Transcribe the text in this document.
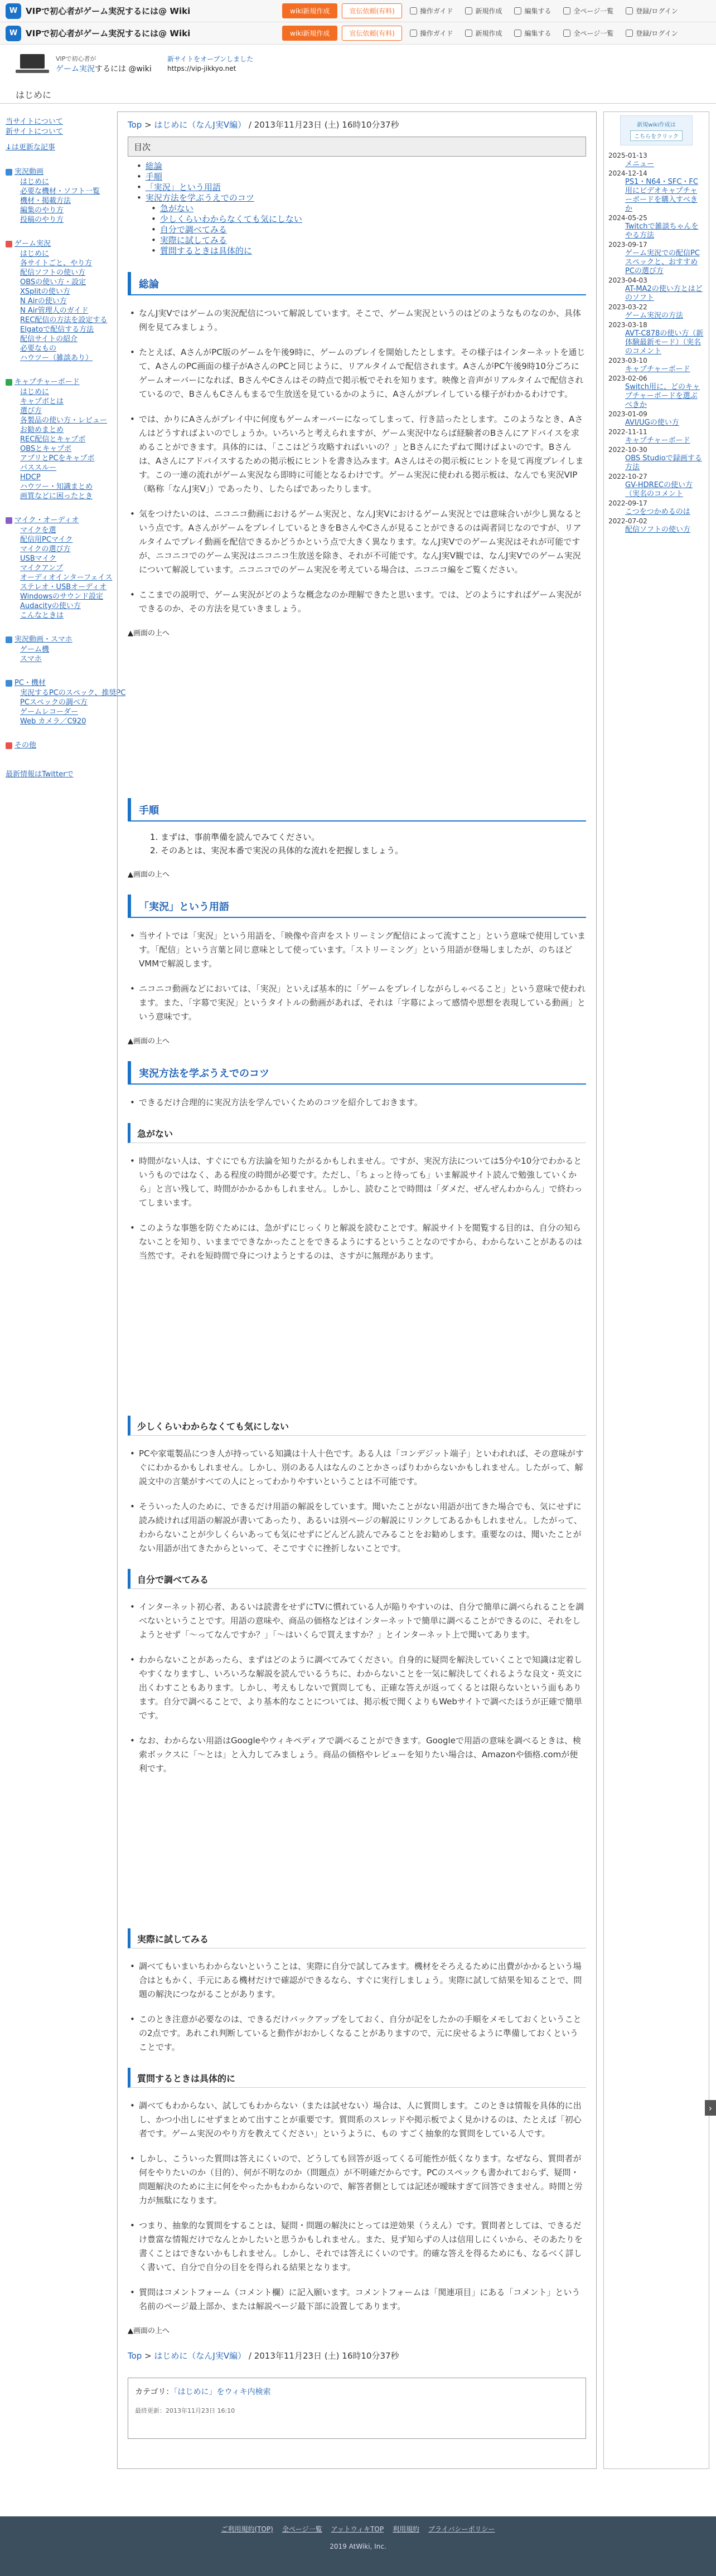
W VIPで初心者がゲーム実況するには@ Wiki	wiki新規作成	宣伝依頼(有料)	操作ガイド	新規作成	編集する	全ページ一覧	登録/ログイン
W VIPで初心者がゲーム実況するには@ Wiki	wiki新規作成	宣伝依頼(有料)	操作ガイド	新規作成	編集する	全ページ一覧	登録/ログイン
VIPで初心者が
ゲーム実況するには @wiki
新サイトをオープンしました
https://vip-jikkyo.net
はじめに
当サイトについて
新サイトについて
↓は更新な記事
実況動画
はじめに
必要な機材・ソフト一覧
機材・掲載方法
編集のやり方
投稿のやり方
ゲーム実況
はじめに
各サイトごと、やり方
配信ソフトの使い方
OBSの使い方・設定
XSplitの使い方
N Airの使い方
N Air管理人のガイド
REC配信の方法を設定する
Elgatoで配信する方法
配信サイトの紹介
必要なもの
ハウツー（雑談あり）
キャプチャーボード
はじめに
キャプボとは
選び方
各製品の使い方・レビュー
お勧めまとめ
REC配信とキャプボ
OBSとキャプボ
アプリとPCをキャプボ
パススルー
HDCP
ハウツー・知識まとめ
画質などに困ったとき
マイク・オーディオ
マイクを選
配信用PCマイク
マイクの選び方
USBマイク
マイクアンプ
オーディオインターフェイス
ステレオ・USBオーディオ
Windowsのサウンド設定
Audacityの使い方
こんなときは
実況動画・スマホ
ゲーム機
スマホ
PC・機材
実況するPCのスペック、推奨PC
PCスペックの調べ方
ゲームレコーダー
Web カメラ／C920
その他
最新情報はTwitterで
Top > はじめに（なんJ実V編） / 2013年11月23日 (土) 16時10分37秒
目次
• 総論
• 手順
• 「実況」という用語
• 実況方法を学ぶうえでのコツ
• 急がない
• 少しくらいわからなくても気にしない
• 自分で調べてみる
• 実際に試してみる
• 質問するときは具体的に
総論
• なんJ実Vではゲームの実況配信について解説しています。そこで、ゲーム実況というのはどのようなものなのか、具体例を見てみましょう。
• たとえば、AさんがPC版のゲームを午後9時に、ゲームのプレイを開始したとします。その様子はインターネットを通じて、AさんのPC画面の様子がAさんのPCと同じように、リアルタイムで配信されます。AさんがPC午後9時10分ごろにゲームオーバーになれば、BさんやCさんはその時点で掲示板でそれを知ります。映像と音声がリアルタイムで配信されているので、BさんもCさんもまるで生放送を見ているかのように、Aさんがプレイしている様子がわかるわけです。
• では、かりにAさんがプレイ中に何度もゲームオーバーになってしまって、行き詰ったとします。このようなとき、Aさんはどうすればよいのでしょうか。いろいろと考えられますが、ゲーム実況中ならば経験者のBさんにアドバイスを求めることができます。具体的には、「ここはどう攻略すればいいの？」とBさんにたずねて聞けばよいのです。Bさんは、Aさんにアドバイスするための掲示板にヒントを書き込みます。Aさんはその掲示板にヒントを見て再度プレイします。この一連の流れがゲーム実況なら即時に可能となるわけです。ゲーム実況に使われる掲示板は、なんでも実況VIP（略称「なんJ実V」）であったり、したらばであったりします。
• 気をつけたいのは、ニコニコ動画におけるゲーム実況と、なんJ実Vにおけるゲーム実況とでは意味合いが少し異なるという点です。AさんがゲームをプレイしているときをBさんやCさんが見ることができるのは両者同じなのですが、リアルタイムでプレイ動画を配信できるかどうかという点で大きく異なります。なんJ実Vでのゲーム実況はそれが可能ですが、ニコニコでのゲーム実況はニコニコ生放送を除き、それが不可能です。なんJ実V観では、なんJ実Vでのゲーム実況について解説しています。ニコニコでのゲーム実況を考えている場合は、ニコニコ編をご覧ください。
• ここまでの説明で、ゲーム実況がどのような概念なのか理解できたと思います。では、どのようにすればゲーム実況ができるのか、その方法を見ていきましょう。
▲画面の上へ
手順
1. まずは、事前準備を読んでみてください。
2. そのあとは、実況本番で実況の具体的な流れを把握しましょう。
▲画面の上へ
「実況」という用語
• 当サイトでは「実況」という用語を、「映像や音声をストリーミング配信によって流すこと」という意味で使用しています。「配信」という言葉と同じ意味として使っています。「ストリーミング」という用語が登場しましたが、のちほどVMMで解説します。
• ニコニコ動画などにおいては、「実況」といえば基本的に「ゲームをプレイしながらしゃべること」という意味で使われます。また、「字幕で実況」というタイトルの動画があれば、それは「字幕によって感情や思想を表現している動画」という意味です。
▲画面の上へ
実況方法を学ぶうえでのコツ
• できるだけ合理的に実況方法を学んでいくためのコツを紹介しておきます。
急がない
• 時間がない人は、すぐにでも方法論を知りたがるかもしれません。ですが、実況方法については5分や10分でわかるというものではなく、ある程度の時間が必要です。ただし、「ちょっと待っても」いま解説サイト読んで勉強していくから」と言い残して、時間がかかるかもしれません。しかし、読むことで時間は「ダメだ、ぜんぜんわからん」で終わってしまいます。
• このような事態を防ぐためには、急がずにじっくりと解説を読むことです。解説サイトを閲覧する目的は、自分の知らないことを知り、いままでできなかったことをできるようにするということなのですから、わからないことがあるのは当然です。それを短時間で身につけようとするのは、さすがに無理があります。
少しくらいわからなくても気にしない
• PCや家電製品につき人が持っている知識は十人十色です。ある人は「コンデジット端子」といわれれば、その意味がすぐにわかるかもしれません。しかし、別のある人はなんのことかさっぱりわからないかもしれません。したがって、解説文中の言葉がすべての人にとってわかりやすいということは不可能です。
• そういった人のために、できるだけ用語の解説をしています。聞いたことがない用語が出てきた場合でも、気にせずに読み続ければ用語の解説が書いてあったり、あるいは別ページの解説にリンクしてあるかもしれません。したがって、わからないことが少しくらいあっても気にせずにどんどん読んでみることをお勧めします。重要なのは、聞いたことがない用語が出てきたからといって、そこですぐに挫折しないことです。
自分で調べてみる
• インターネット初心者、あるいは読書をせずにTVに慣れている人が陥りやすいのは、自分で簡単に調べられることを調べないということです。用語の意味や、商品の価格などはインターネットで簡単に調べることができるのに、それをしようとせず「〜ってなんですか？」「〜はいくらで買えますか？」とインターネット上で聞いてあります。
• わからないことがあったら、まずはどのように調べてみてください。自身的に疑問を解決していくことで知識は定着しやすくなりますし、いろいろな解説を読んでいるうちに、わからないことを一気に解決してくれるような良文・英文に出くわすこともあります。しかし、考えもしないで質問しても、正確な答えが返ってくるとは限らないという面もあります。自分で調べることで、より基本的なことについては、掲示板で聞くよりもWebサイトで調べたほうが正確で簡単です。
• なお、わからない用語はGoogleやウィキペディアで調べることができます。Googleで用語の意味を調べるときは、検索ボックスに「〜とは」と入力してみましょう。商品の価格やレビューを知りたい場合は、Amazonや価格.comが便利です。
実際に試してみる
• 調べてもいまいちわからないということは、実際に自分で試してみます。機材をそろえるために出費がかかるという場合はともかく、手元にある機材だけで確認ができるなら、すぐに実行しましょう。実際に試して結果を知ることで、問題の解決につながることがあります。
• このとき注意が必要なのは、できるだけバックアップをしておく、自分が記をしたかの手順をメモしておくということの2点です。あれこれ判断していると動作がおかしくなることがありますので、元に戻せるように準備しておくということです。
質問するときは具体的に
• 調べてもわからない、試してもわからない（または試せない）場合は、人に質問します。このときは情報を具体的に出し、かつ小出しにせずまとめて出すことが重要です。質問系のスレッドや掲示板でよく見かけるのは、たとえば「初心者です。ゲーム実況のやり方を教えてください」というように、もの すごく抽象的な質問をしている人です。
• しかし、こういった質問は答えにくいので、どうしても回答が返ってくる可能性が低くなります。なぜなら、質問者が何をやりたいのか（目的）、何が不明なのか（問題点）が不明確だからです。PCのスペックも書かれておらず、疑問・問題解決のために主に何をやったかもわからないので、解答者側としては記述が曖昧すぎて回答できません。時間と労力が無駄になります。
• つまり、抽象的な質問をすることは、疑問・問題の解決にとっては逆効果（うえん）です。質問者としては、できるだけ豊富な情報だけでなんとかしたいと思うかもしれません。また、見ず知らずの人は信用しにくいから、そのあたりを書くことはできないかもしれません。しかし、それでは答えにくいのです。的確な答えを得るためにも、なるべく詳しく書いて、自分で自分の目をを得られる結果となります。
• 質問はコメントフォーム（コメント欄）に記入願います。コメントフォームは「関連項目」にある「コメント」という名前のページ最上部か、または解説ページ最下部に設置してあります。
▲画面の上へ
Top > はじめに（なんJ実V編） / 2013年11月23日 (土) 16時10分37秒
カテゴリ：「はじめに」をウィキ内検索
最終更新：2013年11月23日 16:10
新規wiki作成は
こちらをクリック
2025-01-13
メニュー
2024-12-14
PS1・N64・SFC・FC用にビデオキャプチャーボードを購入すべきか
2024-05-25
Twitchで雑談ちゃんをやる方法
2023-09-17
ゲーム実況での配信PCスペックと、おすすめPCの選び方
2023-04-03
AT-MA2の使い方とはどのソフト
2023-03-22
ゲーム実況の方法
2023-03-18
AVT-C878の使い方（新体験最新モード）（実名のコメント
2023-03-10
キャプチャーボード
2023-02-06
Switch用に、どのキャプチャーボードを選ぶべきか
2023-01-09
AVI/UGの使い方
2022-11-11
キャプチャーボード
2022-10-30
OBS Studioで録画する方法
2022-10-27
GV-HDRECの使い方（実名のコメント
2022-09-17
こつをつかめるのは
2022-07-02
配信ソフトの使い方
›
ご利用規約(TOP) 全ページ一覧 アットウィキTOP 利用規約 プライバシーポリシー
2019 AtWiki, Inc.
